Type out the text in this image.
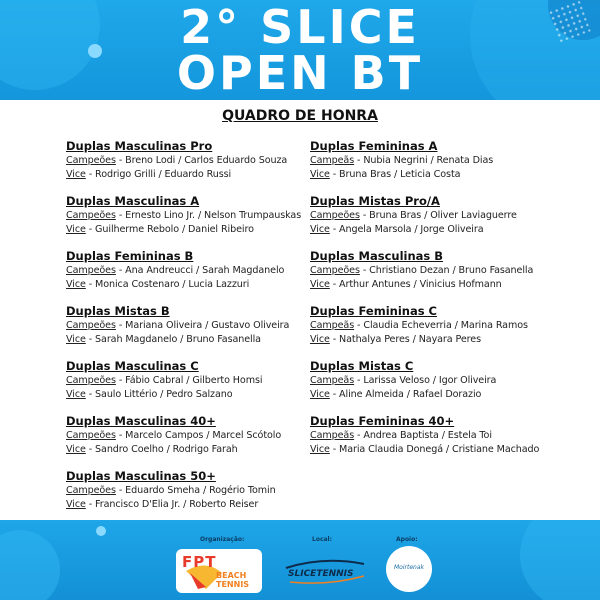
2° SLICE
OPEN BT
QUADRO DE HONRA
Duplas Masculinas Pro
Campeões - Breno Lodi / Carlos Eduardo Souza
Vice - Rodrigo Grilli / Eduardo Russi
Duplas Masculinas A
Campeões - Ernesto Lino Jr. / Nelson Trumpauskas
Vice - Guilherme Rebolo / Daniel Ribeiro
Duplas Femininas B
Campeões - Ana Andreucci / Sarah Magdanelo
Vice - Monica Costenaro / Lucia Lazzuri
Duplas Mistas B
Campeões - Mariana Oliveira / Gustavo Oliveira
Vice - Sarah Magdanelo / Bruno Fasanella
Duplas Masculinas C
Campeões - Fábio Cabral / Gilberto Homsi
Vice - Saulo Littério / Pedro Salzano
Duplas Masculinas 40+
Campeões - Marcelo Campos / Marcel Scótolo
Vice - Sandro Coelho / Rodrigo Farah
Duplas Masculinas 50+
Campeões - Eduardo Smeha / Rogério Tomin
Vice - Francisco D'Elia Jr. / Roberto Reiser
Duplas Femininas A
Campeãs - Nubia Negrini / Renata Dias
Vice - Bruna Bras / Leticia Costa
Duplas Mistas Pro/A
Campeões - Bruna Bras / Oliver Laviaguerre
Vice - Angela Marsola / Jorge Oliveira
Duplas Masculinas B
Campeões - Christiano Dezan / Bruno Fasanella
Vice - Arthur Antunes / Vinicius Hofmann
Duplas Femininas C
Campeãs - Claudia Echeverria / Marina Ramos
Vice - Nathalya Peres / Nayara Peres
Duplas Mistas C
Campeãs - Larissa Veloso / Igor Oliveira
Vice - Aline Almeida / Rafael Dorazio
Duplas Femininas 40+
Campeãs - Andrea Baptista / Estela Toi
Vice - Maria Claudia Donegá / Cristiane Machado
Organização:	Local:	Apoio:
FPT
BEACH TENNIS
SLICETENNIS
Moirtenak
